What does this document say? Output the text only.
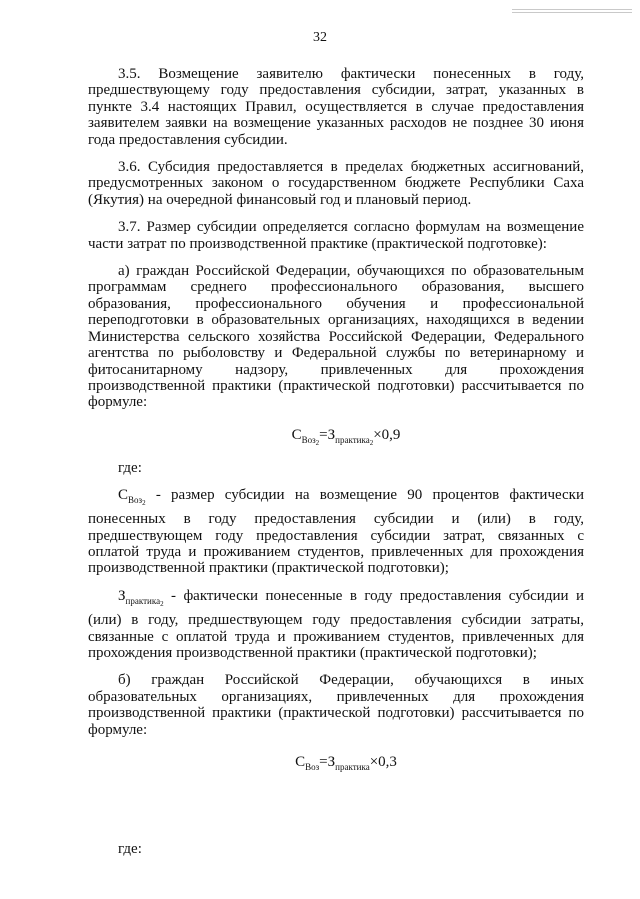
32

3.5. Возмещение заявителю фактически понесенных в году, предшествующему году предоставления субсидии, затрат, указанных в пункте 3.4 настоящих Правил, осуществляется в случае предоставления заявителем заявки на возмещение указанных расходов не позднее 30 июня года предоставления субсидии.

3.6. Субсидия предоставляется в пределах бюджетных ассигнований, предусмотренных законом о государственном бюджете Республики Саха (Якутия) на очередной финансовый год и плановый период.

3.7. Размер субсидии определяется согласно формулам на возмещение части затрат по производственной практике (практической подготовке):

а) граждан Российской Федерации, обучающихся по образовательным программам среднего профессионального образования, высшего образования, профессионального обучения и профессиональной переподготовки в образовательных организациях, находящихся в ведении Министерства сельского хозяйства Российской Федерации, Федерального агентства по рыболовству и Федеральной службы по ветеринарному и фитосанитарному надзору, привлеченных для прохождения производственной практики (практической подготовки) рассчитывается по формуле:

$С_{Воз_2}=З_{практика_2}\times 0,9$
где:

$С_{Воз_2}$ - размер субсидии на возмещение 90 процентов фактически понесенных в году предоставления субсидии и (или) в году, предшествующем году предоставления субсидии затрат, связанных с оплатой труда и проживанием студентов, привлеченных для прохождения производственной практики (практической подготовки);

$З_{практика_2}$ - фактически понесенные в году предоставления субсидии и (или) в году, предшествующем году предоставления субсидии затраты, связанные с оплатой труда и проживанием студентов, привлеченных для прохождения производственной практики (практической подготовки);

б) граждан Российской Федерации, обучающихся в иных образовательных организациях, привлеченных для прохождения производственной практики (практической подготовки) рассчитывается по формуле:

$С_{Воз}=З_{практика}\times 0,3$
где:
